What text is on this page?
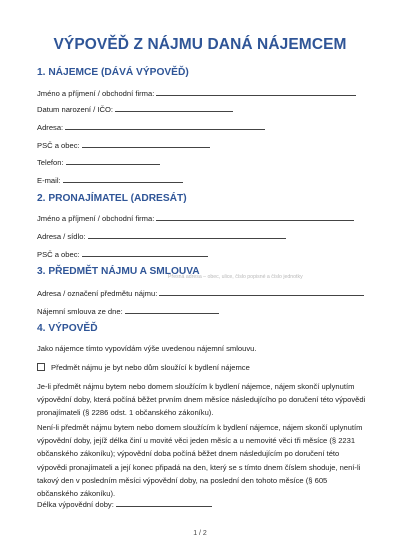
VÝPOVĚĎ Z NÁJMU DANÁ NÁJEMCEM
1. NÁJEMCE (DÁVÁ VÝPOVĚĎ)
Jméno a příjmení / obchodní firma:
Datum narození / IČO:
Adresa:
PSČ a obec:
Telefon:
E-mail:
2. PRONAJÍMATEL (ADRESÁT)
Jméno a příjmení / obchodní firma:
Adresa / sídlo:
PSČ a obec:
3. PŘEDMĚT NÁJMU A SMLOUVA
Přesná adresa – obec, ulice, číslo popisné a číslo jednotky
Adresa / označení předmětu nájmu:
Nájemní smlouva ze dne:
4. VÝPOVĚĎ
Jako nájemce tímto vypovídám výše uvedenou nájemní smlouvu.
Předmět nájmu je byt nebo dům sloužící k bydlení nájemce
Je-li předmět nájmu bytem nebo domem sloužícím k bydlení nájemce, nájem skončí uplynutím výpovědní doby, která počíná běžet prvním dnem měsíce následujícího po doručení této výpovědi pronajímateli (§ 2286 odst. 1 občanského zákoníku).
Není-li předmět nájmu bytem nebo domem sloužícím k bydlení nájemce, nájem skončí uplynutím výpovědní doby, jejíž délka činí u movité věci jeden měsíc a u nemovité věci tři měsíce (§ 2231 občanského zákoníku); výpovědní doba počíná běžet dnem následujícím po doručení této výpovědi pronajímateli a její konec připadá na den, který se s tímto dnem číslem shoduje, není-li takový den v posledním měsíci výpovědní doby, na poslední den tohoto měsíce (§ 605 občanského zákoníku).
Délka výpovědní doby:
1 / 2
